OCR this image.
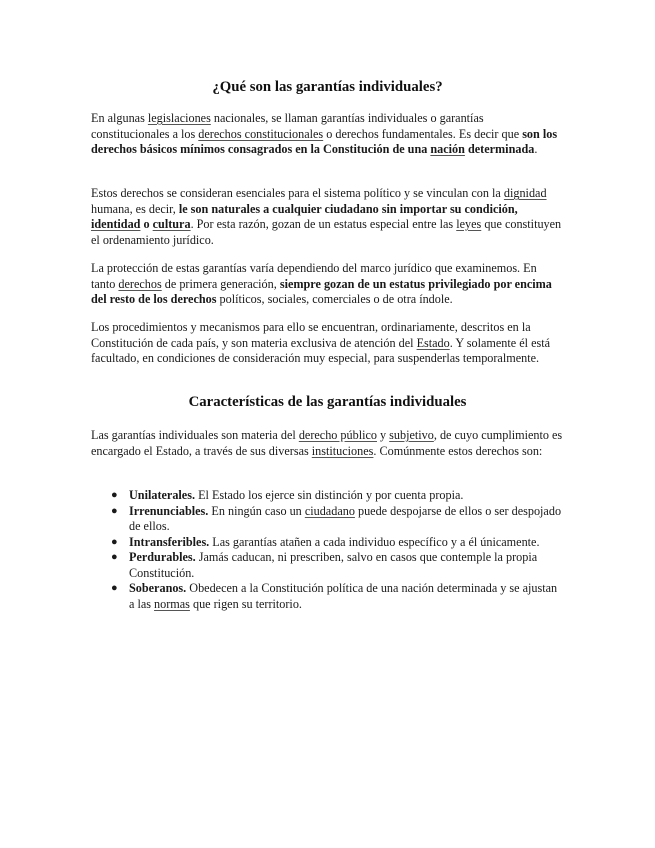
¿Qué son las garantías individuales?

En algunas legislaciones nacionales, se llaman garantías individuales o garantías constitucionales a los derechos constitucionales o derechos fundamentales. Es decir que son los derechos básicos mínimos consagrados en la Constitución de una nación determinada.

Estos derechos se consideran esenciales para el sistema político y se vinculan con la dignidad humana, es decir, le son naturales a cualquier ciudadano sin importar su condición, identidad o cultura. Por esta razón, gozan de un estatus especial entre las leyes que constituyen el ordenamiento jurídico.

La protección de estas garantías varía dependiendo del marco jurídico que examinemos. En tanto derechos de primera generación, siempre gozan de un estatus privilegiado por encima del resto de los derechos políticos, sociales, comerciales o de otra índole.

Los procedimientos y mecanismos para ello se encuentran, ordinariamente, descritos en la Constitución de cada país, y son materia exclusiva de atención del Estado. Y solamente él está facultado, en condiciones de consideración muy especial, para suspenderlas temporalmente.

Características de las garantías individuales

Las garantías individuales son materia del derecho público y subjetivo, de cuyo cumplimiento es encargado el Estado, a través de sus diversas instituciones. Comúnmente estos derechos son:

● Unilaterales. El Estado los ejerce sin distinción y por cuenta propia.
● Irrenunciables. En ningún caso un ciudadano puede despojarse de ellos o ser despojado de ellos.
● Intransferibles. Las garantías atañen a cada individuo específico y a él únicamente.
● Perdurables. Jamás caducan, ni prescriben, salvo en casos que contemple la propia Constitución.
● Soberanos. Obedecen a la Constitución política de una nación determinada y se ajustan a las normas que rigen su territorio.
